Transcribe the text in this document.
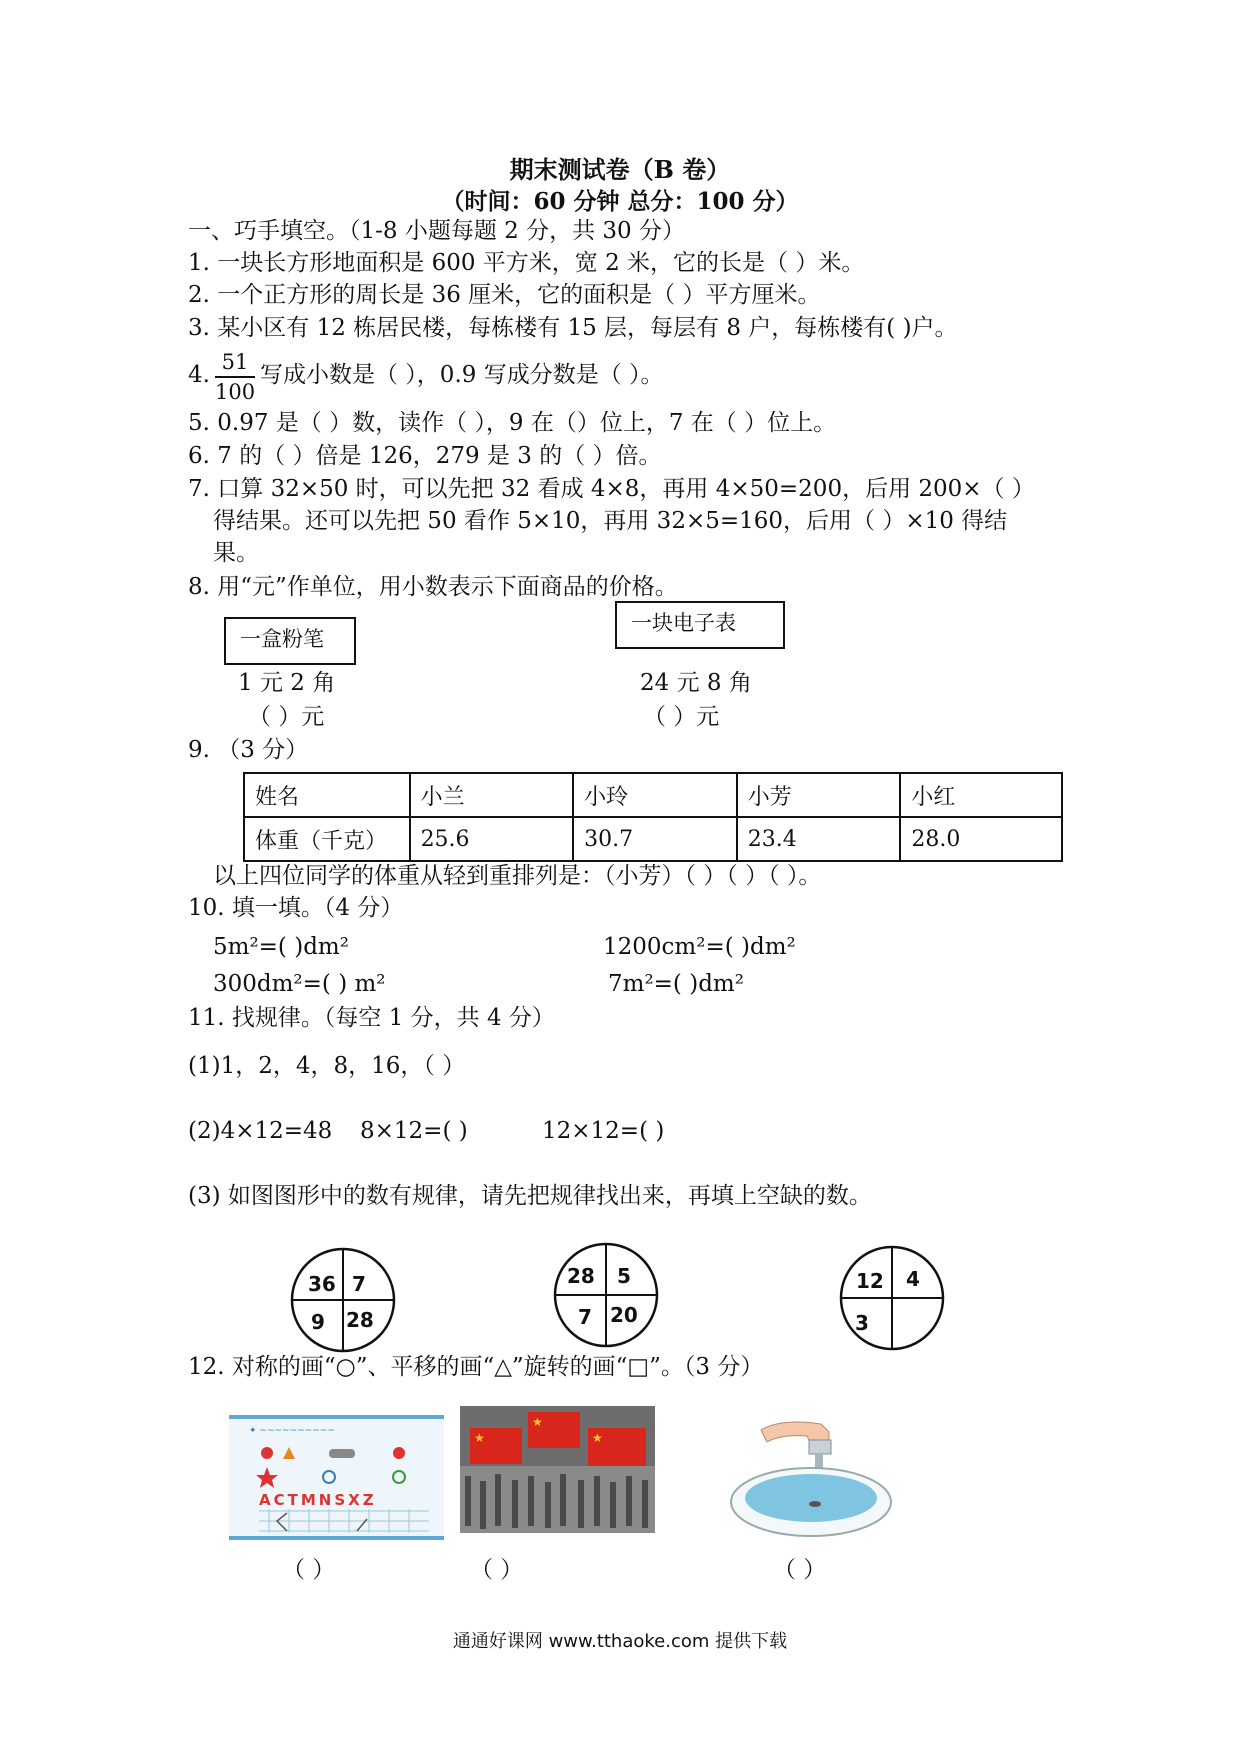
期末测试卷（B 卷）
（时间：60 分钟 总分：100 分）
一、巧手填空。（1-8 小题每题 2 分，共 30 分）
1. 一块长方形地面积是 600 平方米，宽 2 米，它的长是（ ）米。
2. 一个正方形的周长是 36 厘米，它的面积是（ ）平方厘米。
3. 某小区有 12 栋居民楼，每栋楼有 15 层，每层有 8 户，每栋楼有( )户。
4. $\frac{51}{100}$ 写成小数是（ ），0.9 写成分数是（ ）。
5. 0.97 是（ ）数，读作（ ），9 在（）位上，7 在（ ）位上。
6. 7 的（ ）倍是 126，279 是 3 的（ ）倍。
7. 口算 32×50 时，可以先把 32 看成 4×8，再用 4×50=200，后用 200×（ ）
得结果。还可以先把 50 看作 5×10，再用 32×5=160，后用（ ）×10 得结
果。
8. 用“元”作单位，用小数表示下面商品的价格。
一盒粉笔
一块电子表
1 元 2 角	24 元 8 角
（ ）元	（ ）元
9. （3 分）
姓名	小兰	小玲	小芳	小红
体重（千克）	25.6	30.7	23.4	28.0
以上四位同学的体重从轻到重排列是：（小芳）（ ）（ ）（ ）。
10. 填一填。（4 分）
5m²=( )dm²	1200cm²=( )dm²
300dm²=( ) m²	7m²=( )dm²
11. 找规律。（每空 1 分，共 4 分）
(1)1，2，4，8，16，（ ）
(2)4×12=48 8×12=( )	12×12=( )
(3) 如图图形中的数有规律，请先把规律找出来，再填上空缺的数。
36 7
9 28
28 5
7 20
12 4
3
12. 对称的画“○”、平移的画“△”旋转的画“□”。（3 分）
✦ ~~~~~~~~~~
ACTMNSXZ
★
★
★
（ ）	（ ）	（ ）
通通好课网 www.tthaoke.com 提供下载
